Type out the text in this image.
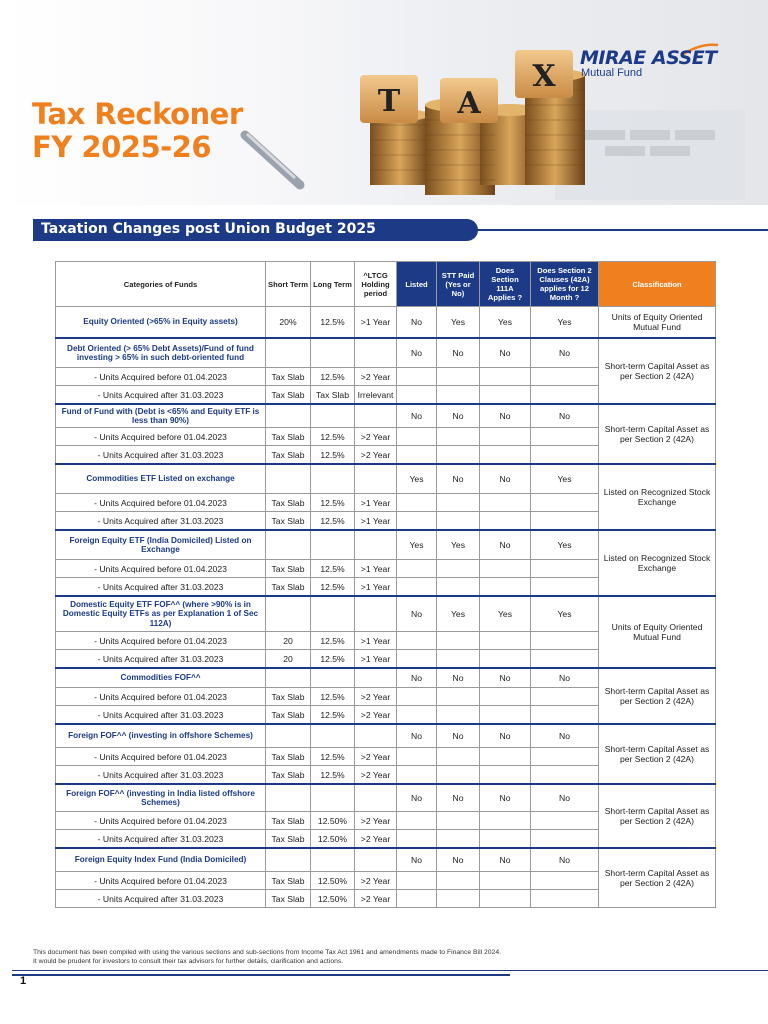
Tax Reckoner
FY 2025-26
T A
X
MIRAE ASSET
Mutual Fund
Taxation Changes post Union Budget 2025
Categories of Funds	Short Term	Long Term	^LTCG Holding period	Listed	STT Paid (Yes or No)	Does Section 111A Applies ?	Does Section 2 Clauses (42A) applies for 12 Month ?	Classification
Equity Oriented (>65% in Equity assets)	20%	12.5%	>1 Year	No	Yes	Yes	Yes	Units of Equity Oriented Mutual Fund
Debt Oriented (> 65% Debt Assets)/Fund of fund investing > 65% in such debt-oriented fund				No	No	No	No	Short-term Capital Asset as per Section 2 (42A)
- Units Acquired before 01.04.2023	Tax Slab	12.5%	>2 Year					
- Units Acquired after 31.03.2023	Tax Slab	Tax Slab	Irrelevant					
Fund of Fund with (Debt is <65% and Equity ETF is less than 90%)				No	No	No	No	Short-term Capital Asset as per Section 2 (42A)
- Units Acquired before 01.04.2023	Tax Slab	12.5%	>2 Year					
- Units Acquired after 31.03.2023	Tax Slab	12.5%	>2 Year					
Commodities ETF Listed on exchange				Yes	No	No	Yes	Listed on Recognized Stock Exchange
- Units Acquired before 01.04.2023	Tax Slab	12.5%	>1 Year					
- Units Acquired after 31.03.2023	Tax Slab	12.5%	>1 Year					
Foreign Equity ETF (India Domiciled) Listed on Exchange				Yes	Yes	No	Yes	Listed on Recognized Stock Exchange
- Units Acquired before 01.04.2023	Tax Slab	12.5%	>1 Year					
- Units Acquired after 31.03.2023	Tax Slab	12.5%	>1 Year					
Domestic Equity ETF FOF^^ (where >90% is in Domestic Equity ETFs as per Explanation 1 of Sec 112A)				No	Yes	Yes	Yes	Units of Equity Oriented Mutual Fund
- Units Acquired before 01.04.2023	20	12.5%	>1 Year					
- Units Acquired after 31.03.2023	20	12.5%	>1 Year					
Commodities FOF^^				No	No	No	No	Short-term Capital Asset as per Section 2 (42A)
- Units Acquired before 01.04.2023	Tax Slab	12.5%	>2 Year					
- Units Acquired after 31.03.2023	Tax Slab	12.5%	>2 Year					
Foreign FOF^^ (investing in offshore Schemes)				No	No	No	No	Short-term Capital Asset as per Section 2 (42A)
- Units Acquired before 01.04.2023	Tax Slab	12.5%	>2 Year					
- Units Acquired after 31.03.2023	Tax Slab	12.5%	>2 Year					
Foreign FOF^^ (investing in India listed offshore Schemes)				No	No	No	No	Short-term Capital Asset as per Section 2 (42A)
- Units Acquired before 01.04.2023	Tax Slab	12.50%	>2 Year					
- Units Acquired after 31.03.2023	Tax Slab	12.50%	>2 Year					
Foreign Equity Index Fund (India Domiciled)				No	No	No	No	Short-term Capital Asset as per Section 2 (42A)
- Units Acquired before 01.04.2023	Tax Slab	12.50%	>2 Year					
- Units Acquired after 31.03.2023	Tax Slab	12.50%	>2 Year					
This document has been compiled with using the various sections and sub-sections from Income Tax Act 1961 and amendments made to Finance Bill 2024.
It would be prudent for investors to consult their tax advisors for further details, clarification and actions.
1
